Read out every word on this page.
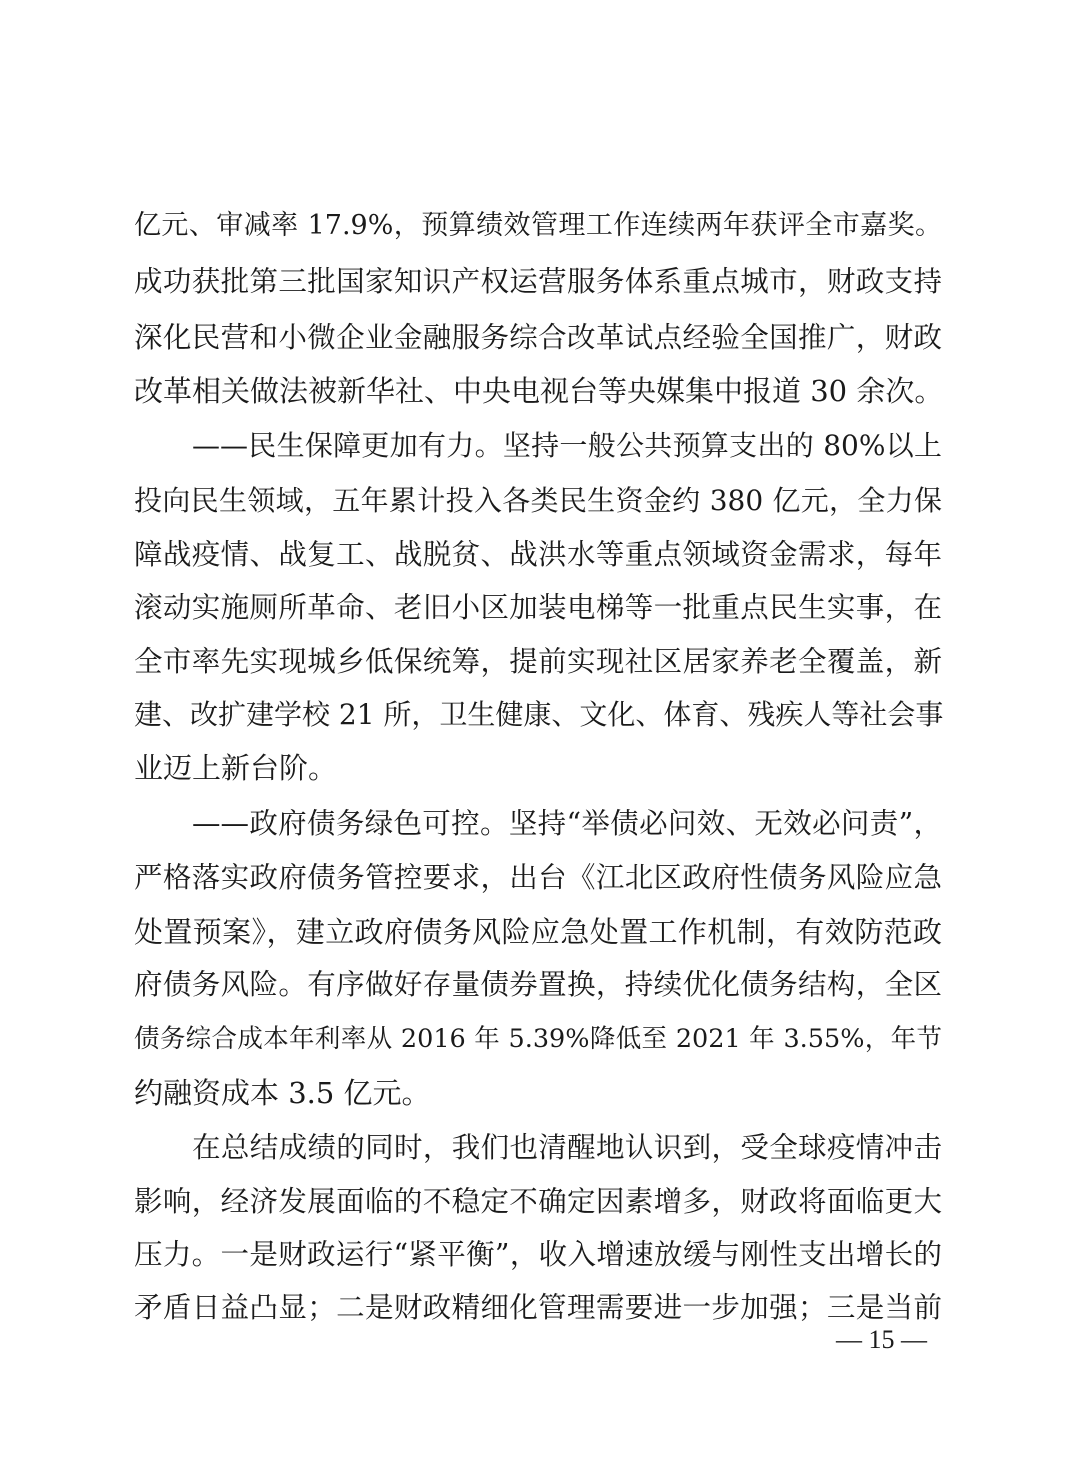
亿元、审减率 17.9%，预算绩效管理工作连续两年获评全市嘉奖。
成功获批第三批国家知识产权运营服务体系重点城市，财政支持
深化民营和小微企业金融服务综合改革试点经验全国推广，财政
改革相关做法被新华社、中央电视台等央媒集中报道 30 余次。
——民生保障更加有力。坚持一般公共预算支出的 80%以上
投向民生领域，五年累计投入各类民生资金约 380 亿元，全力保
障战疫情、战复工、战脱贫、战洪水等重点领域资金需求，每年
滚动实施厕所革命、老旧小区加装电梯等一批重点民生实事，在
全市率先实现城乡低保统筹，提前实现社区居家养老全覆盖，新
建、改扩建学校 21 所，卫生健康、文化、体育、残疾人等社会事
业迈上新台阶。
——政府债务绿色可控。坚持“举债必问效、无效必问责”，
严格落实政府债务管控要求，出台《江北区政府性债务风险应急
处置预案》，建立政府债务风险应急处置工作机制，有效防范政
府债务风险。有序做好存量债券置换，持续优化债务结构，全区
债务综合成本年利率从 2016 年 5.39%降低至 2021 年 3.55%，年节
约融资成本 3.5 亿元。
在总结成绩的同时，我们也清醒地认识到，受全球疫情冲击
影响，经济发展面临的不稳定不确定因素增多，财政将面临更大
压力。一是财政运行“紧平衡”，收入增速放缓与刚性支出增长的
矛盾日益凸显；二是财政精细化管理需要进一步加强；三是当前
— 15 —
